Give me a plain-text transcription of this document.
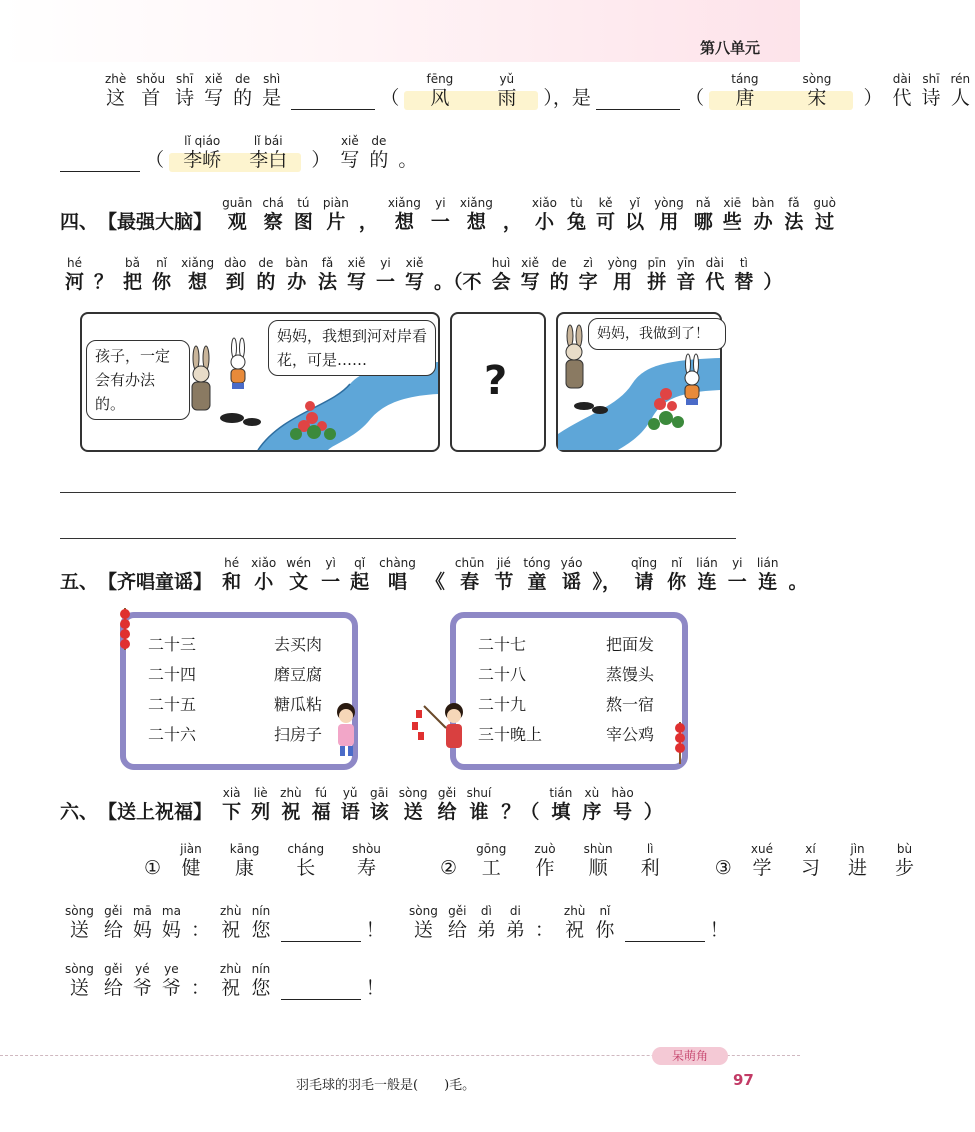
第八单元
zhè
这
shǒu
首
shī
诗
xiě
写
de
的
shì
是	（
fēng
风
yǔ
雨 ），是	（
táng
唐
sòng
宋

）
dài
代
shī
诗
rén
人
（
lǐ qiáo
李峤
lǐ bái
李白

）
xiě
写
de
的
。
四、【最强大脑】
guān
观
chá
察
tú
图
piàn
片
，
xiǎng
想
yi
一
xiǎng
想
，
xiǎo
小
tù
兔
kě
可
yǐ
以
yòng
用
nǎ
哪
xiē
些
bàn
办
fǎ
法
guò
过
hé
河
？
bǎ
把
nǐ
你
xiǎng
想
dào
到
de
的
bàn
办
fǎ
法
xiě
写
yi
一
xiě
写
。（不
huì
会
xiě
写
de
的
zì
字
yòng
用
pīn
拼
yīn
音
dài
代
tì
替
）
孩子，一定会有办法的。
妈妈，我想到河对岸看花，可是……	?
妈妈，我做到了！
五、【齐唱童谣】
hé
和
xiǎo
小
wén
文
yì
一
qǐ
起
chàng
唱
《
chūn
春
jié
节
tóng
童
yáo
谣
》，
qǐng
请
nǐ
你
lián
连
yi
一
lián
连
。
二十三	去买肉
二十四	磨豆腐
二十五	糖瓜粘
二十六	扫房子
二十七	把面发
二十八	蒸馒头
二十九	熬一宿
三十晚上	宰公鸡
六、【送上祝福】
xià
下
liè
列
zhù
祝
fú
福
yǔ
语
gāi
该
sòng
送
gěi
给
shuí
谁
？（
tián
填
xù
序
hào
号
）
①
jiàn
健
kāng
康
cháng
长
shòu
寿	②
gōng
工
zuò
作
shùn
顺
lì
利	③
xué
学
xí
习
jìn
进
bù
步
sòng
送
gěi
给
mā
妈
ma
妈
：
zhù
祝
nín
您	！
sòng
送
gěi
给
dì
弟
di
弟
：
zhù
祝
nǐ
你	！
sòng
送
gěi
给
yé
爷
ye
爷
：
zhù
祝
nín
您	！
呆萌角
羽毛球的羽毛一般是(　　)毛。	97
